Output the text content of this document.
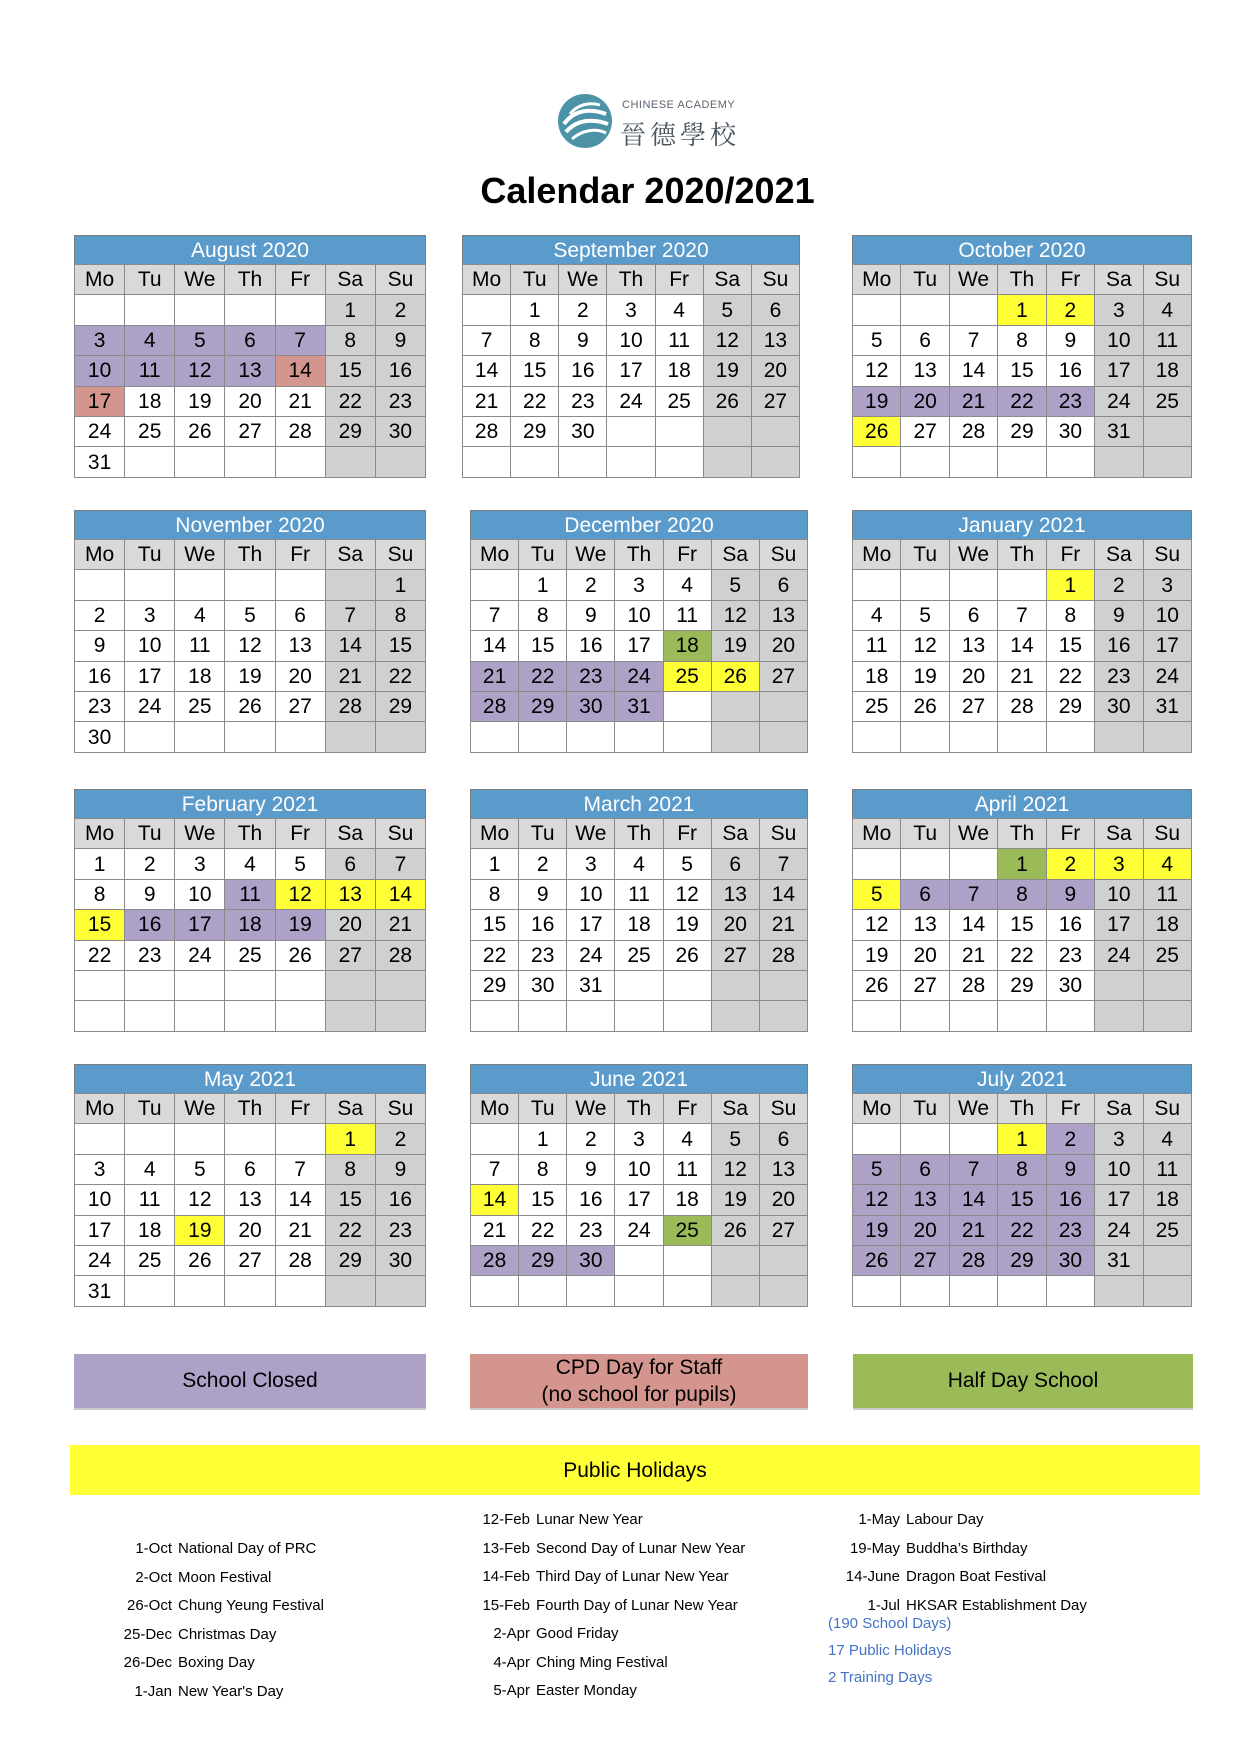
CHINESE ACADEMY
晉德學校
Calendar 2020/2021
August 2020
Mo	Tu	We	Th	Fr	Sa	Su
					1	2
3	4	5	6	7	8	9
10	11	12	13	14	15	16
17	18	19	20	21	22	23
24	25	26	27	28	29	30
31						
September 2020
Mo	Tu	We	Th	Fr	Sa	Su
	1	2	3	4	5	6
7	8	9	10	11	12	13
14	15	16	17	18	19	20
21	22	23	24	25	26	27
28	29	30				

October 2020
Mo	Tu	We	Th	Fr	Sa	Su
			1	2	3	4
5	6	7	8	9	10	11
12	13	14	15	16	17	18
19	20	21	22	23	24	25
26	27	28	29	30	31	

November 2020
Mo	Tu	We	Th	Fr	Sa	Su
						1
2	3	4	5	6	7	8
9	10	11	12	13	14	15
16	17	18	19	20	21	22
23	24	25	26	27	28	29
30						
December 2020
Mo	Tu	We	Th	Fr	Sa	Su
	1	2	3	4	5	6
7	8	9	10	11	12	13
14	15	16	17	18	19	20
21	22	23	24	25	26	27
28	29	30	31			

January 2021
Mo	Tu	We	Th	Fr	Sa	Su
				1	2	3
4	5	6	7	8	9	10
11	12	13	14	15	16	17
18	19	20	21	22	23	24
25	26	27	28	29	30	31

February 2021
Mo	Tu	We	Th	Fr	Sa	Su
1	2	3	4	5	6	7
8	9	10	11	12	13	14
15	16	17	18	19	20	21
22	23	24	25	26	27	28

March 2021
Mo	Tu	We	Th	Fr	Sa	Su
1	2	3	4	5	6	7
8	9	10	11	12	13	14
15	16	17	18	19	20	21
22	23	24	25	26	27	28
29	30	31				

April 2021
Mo	Tu	We	Th	Fr	Sa	Su
			1	2	3	4
5	6	7	8	9	10	11
12	13	14	15	16	17	18
19	20	21	22	23	24	25
26	27	28	29	30		

May 2021
Mo	Tu	We	Th	Fr	Sa	Su
					1	2
3	4	5	6	7	8	9
10	11	12	13	14	15	16
17	18	19	20	21	22	23
24	25	26	27	28	29	30
31						
June 2021
Mo	Tu	We	Th	Fr	Sa	Su
	1	2	3	4	5	6
7	8	9	10	11	12	13
14	15	16	17	18	19	20
21	22	23	24	25	26	27
28	29	30				

July 2021
Mo	Tu	We	Th	Fr	Sa	Su
			1	2	3	4
5	6	7	8	9	10	11
12	13	14	15	16	17	18
19	20	21	22	23	24	25
26	27	28	29	30	31	

School Closed
CPD Day for Staff
(no school for pupils)
Half Day School
Public Holidays
1-Oct National Day of PRC
2-Oct Moon Festival
26-Oct Chung Yeung Festival
25-Dec Christmas Day
26-Dec Boxing Day
1-Jan New Year's Day
12-Feb Lunar New Year
13-Feb Second Day of Lunar New Year
14-Feb Third Day of Lunar New Year
15-Feb Fourth Day of Lunar New Year
2-Apr Good Friday
4-Apr Ching Ming Festival
5-Apr Easter Monday
1-May Labour Day
19-May Buddha’s Birthday
14-June Dragon Boat Festival
1-Jul HKSAR Establishment Day
(190 School Days)
17 Public Holidays
2 Training Days
